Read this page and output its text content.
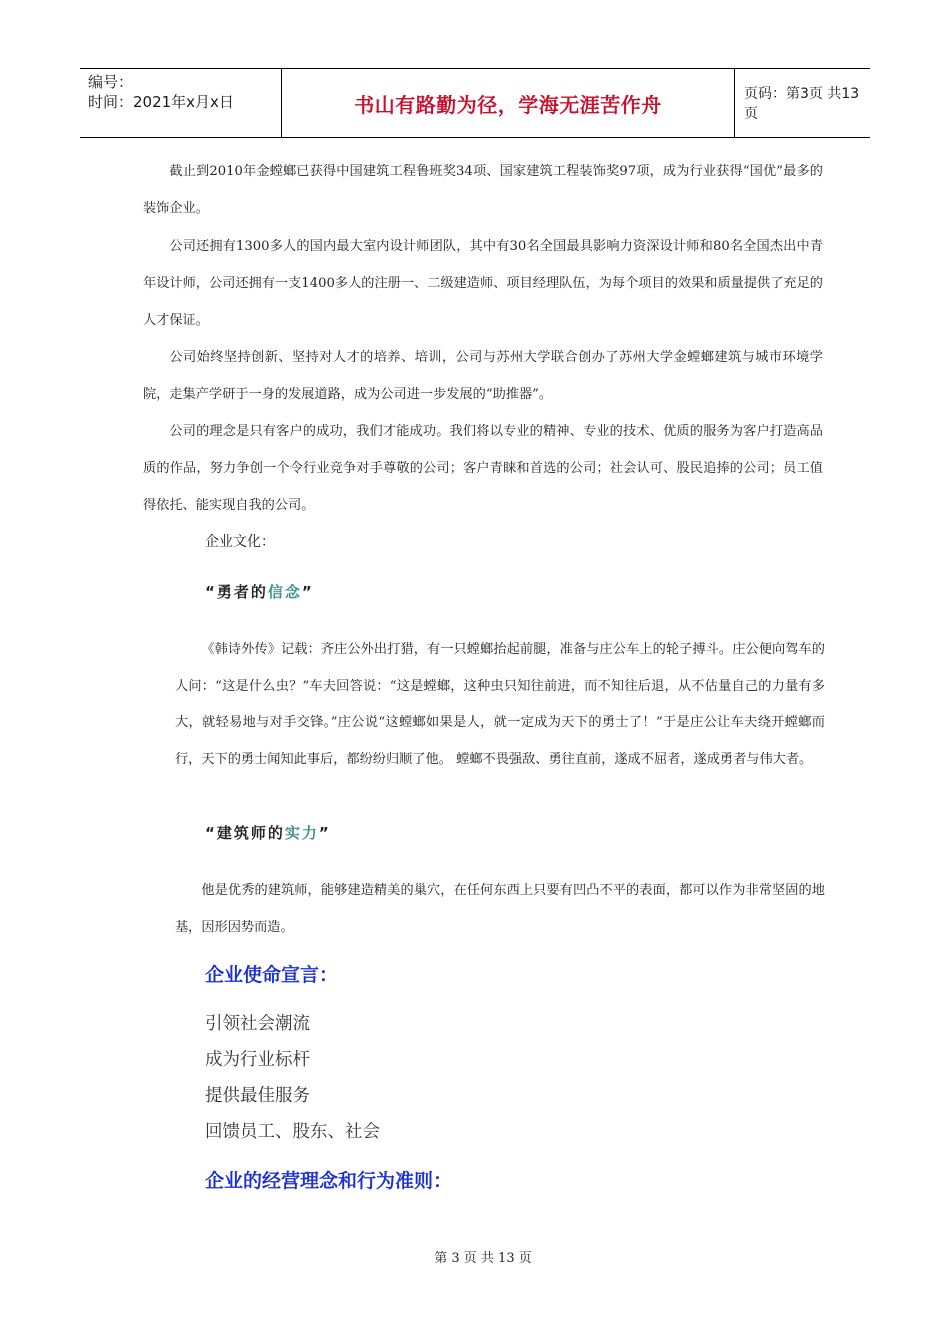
编号：
时间：2021年x月x日	书山有路勤为径，学海无涯苦作舟	页码：第3页 共13页
截止到2010年金螳螂已获得中国建筑工程鲁班奖34项、国家建筑工程装饰奖97项，成为行业获得“国优”最多的装饰企业。
公司还拥有1300多人的国内最大室内设计师团队，其中有30名全国最具影响力资深设计师和80名全国杰出中青年设计师，公司还拥有一支1400多人的注册一、二级建造师、项目经理队伍，为每个项目的效果和质量提供了充足的人才保证。
公司始终坚持创新、坚持对人才的培养、培训，公司与苏州大学联合创办了苏州大学金螳螂建筑与城市环境学院，走集产学研于一身的发展道路，成为公司进一步发展的“助推器”。
公司的理念是只有客户的成功，我们才能成功。我们将以专业的精神、专业的技术、优质的服务为客户打造高品质的作品，努力争创一个令行业竞争对手尊敬的公司；客户青睐和首选的公司；社会认可、股民追捧的公司；员工值得依托、能实现自我的公司。
企业文化：
“勇者的信念”
《韩诗外传》记载：齐庄公外出打猎，有一只螳螂抬起前腿，准备与庄公车上的轮子搏斗。庄公便向驾车的人问：“这是什么虫？”车夫回答说：“这是螳螂，这种虫只知往前进，而不知往后退，从不估量自己的力量有多大，就轻易地与对手交锋。”庄公说“这螳螂如果是人，就一定成为天下的勇士了！”于是庄公让车夫绕开螳螂而行，天下的勇士闻知此事后，都纷纷归顺了他。 螳螂不畏强敌、勇往直前，遂成不屈者，遂成勇者与伟大者。
“建筑师的实力”
他是优秀的建筑师，能够建造精美的巢穴，在任何东西上只要有凹凸不平的表面，都可以作为非常坚固的地基，因形因势而造。
企业使命宣言：
引领社会潮流
成为行业标杆
提供最佳服务
回馈员工、股东、社会
企业的经营理念和行为准则：
第 3 页 共 13 页
